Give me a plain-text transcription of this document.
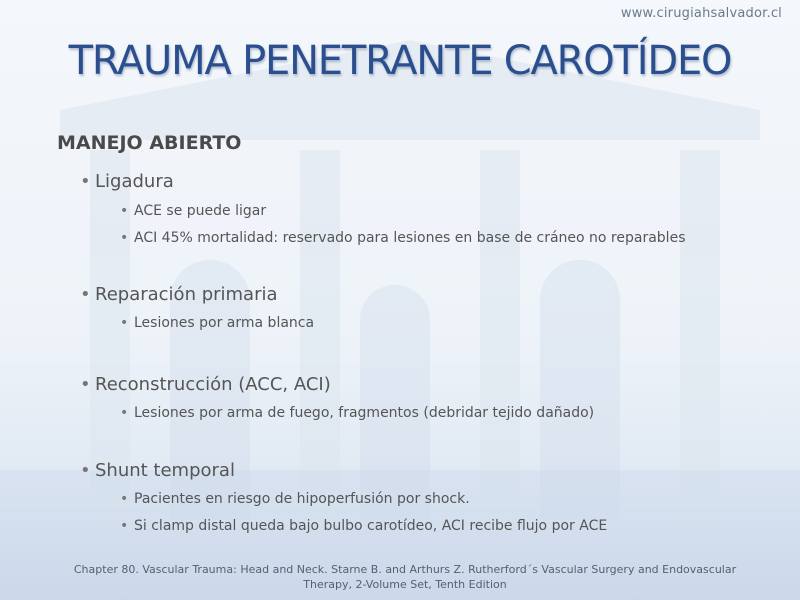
www.cirugiahsalvador.cl
TRAUMA PENETRANTE CAROTÍDEO
MANEJO ABIERTO
• Ligadura
• ACE se puede ligar
• ACI 45% mortalidad: reservado para lesiones en base de cráneo no reparables
• Reparación primaria
• Lesiones por arma blanca
• Reconstrucción (ACC, ACI)
• Lesiones por arma de fuego, fragmentos (debridar tejido dañado)
• Shunt temporal
• Pacientes en riesgo de hipoperfusión por shock.
• Si clamp distal queda bajo bulbo carotídeo, ACI recibe flujo por ACE
Chapter 80. Vascular Trauma: Head and Neck. Starne B. and Arthurs Z. Rutherford´s Vascular Surgery and Endovascular Therapy, 2-Volume Set, Tenth Edition
